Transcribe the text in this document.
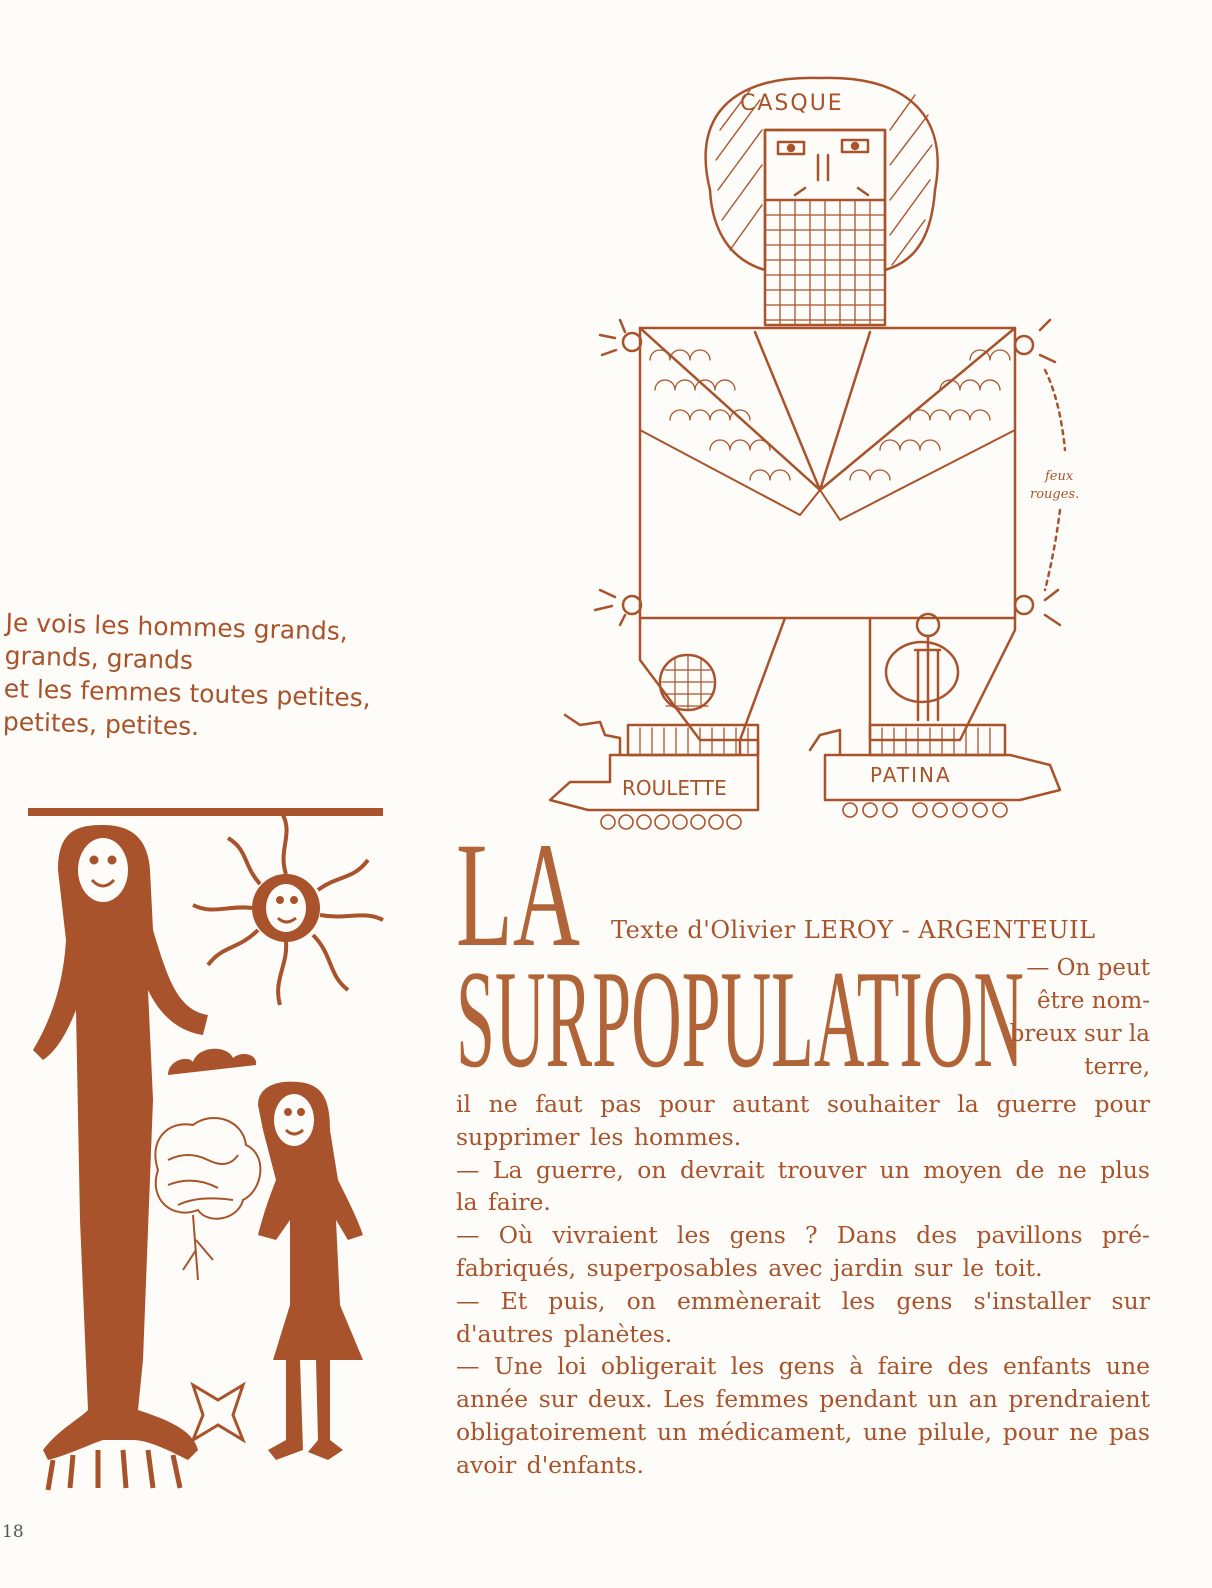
CASQUE
feux
rouges.
ROULETTE
PATINA
Je vois les hommes grands,
grands, grands
et les femmes toutes petites,
petites, petites.
LA
SURPOPULATION
Texte d'Olivier LEROY - ARGENTEUIL
— On peut
être nom-
breux sur la
terre,

il ne faut pas pour autant souhaiter la guerre pour supprimer les hommes.

— La guerre, on devrait trouver un moyen de ne plus la faire.

— Où vivraient les gens ? Dans des pavillons préfabriqués, superposables avec jardin sur le toit.

— Et puis, on emmènerait les gens s'installer sur d'autres planètes.

— Une loi obligerait les gens à faire des enfants une année sur deux. Les femmes pendant un an prendraient obligatoirement un médicament, une pilule, pour ne pas avoir d'enfants.

18
